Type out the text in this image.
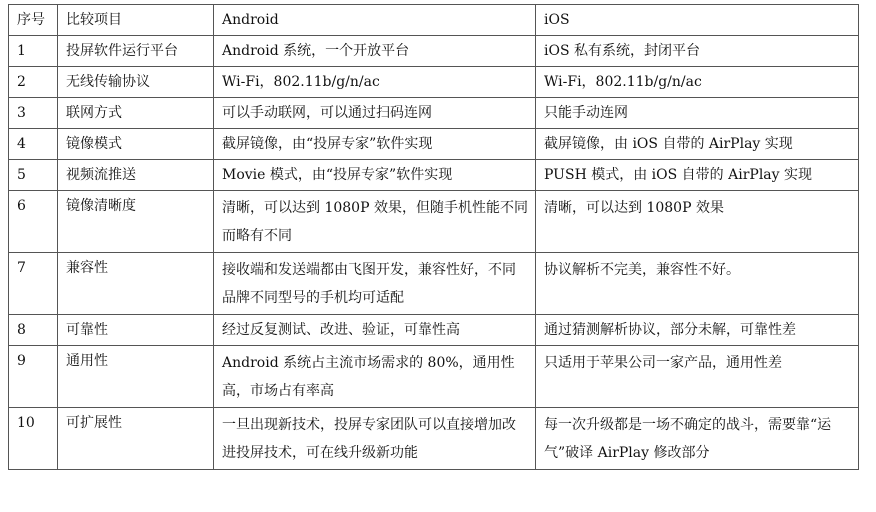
序号	比较项目	Android	iOS
1	投屏软件运行平台	Android 系统，一个开放平台	iOS 私有系统，封闭平台
2	无线传输协议	Wi-Fi，802.11b/g/n/ac	Wi-Fi，802.11b/g/n/ac
3	联网方式	可以手动联网，可以通过扫码连网	只能手动连网
4	镜像模式	截屏镜像，由“投屏专家”软件实现	截屏镜像，由 iOS 自带的 AirPlay 实现
5	视频流推送	Movie 模式，由“投屏专家”软件实现	PUSH 模式，由 iOS 自带的 AirPlay 实现
6	镜像清晰度	清晰，可以达到 1080P 效果，但随手机性能不同而略有不同	清晰，可以达到 1080P 效果
7	兼容性	接收端和发送端都由飞图开发，兼容性好，不同品牌不同型号的手机均可适配	协议解析不完美，兼容性不好。
8	可靠性	经过反复测试、改进、验证，可靠性高	通过猜测解析协议，部分未解，可靠性差
9	通用性	Android 系统占主流市场需求的 80%，通用性高，市场占有率高	只适用于苹果公司一家产品，通用性差
10	可扩展性	一旦出现新技术，投屏专家团队可以直接增加改进投屏技术，可在线升级新功能	每一次升级都是一场不确定的战斗，需要靠“运气”破译 AirPlay 修改部分
